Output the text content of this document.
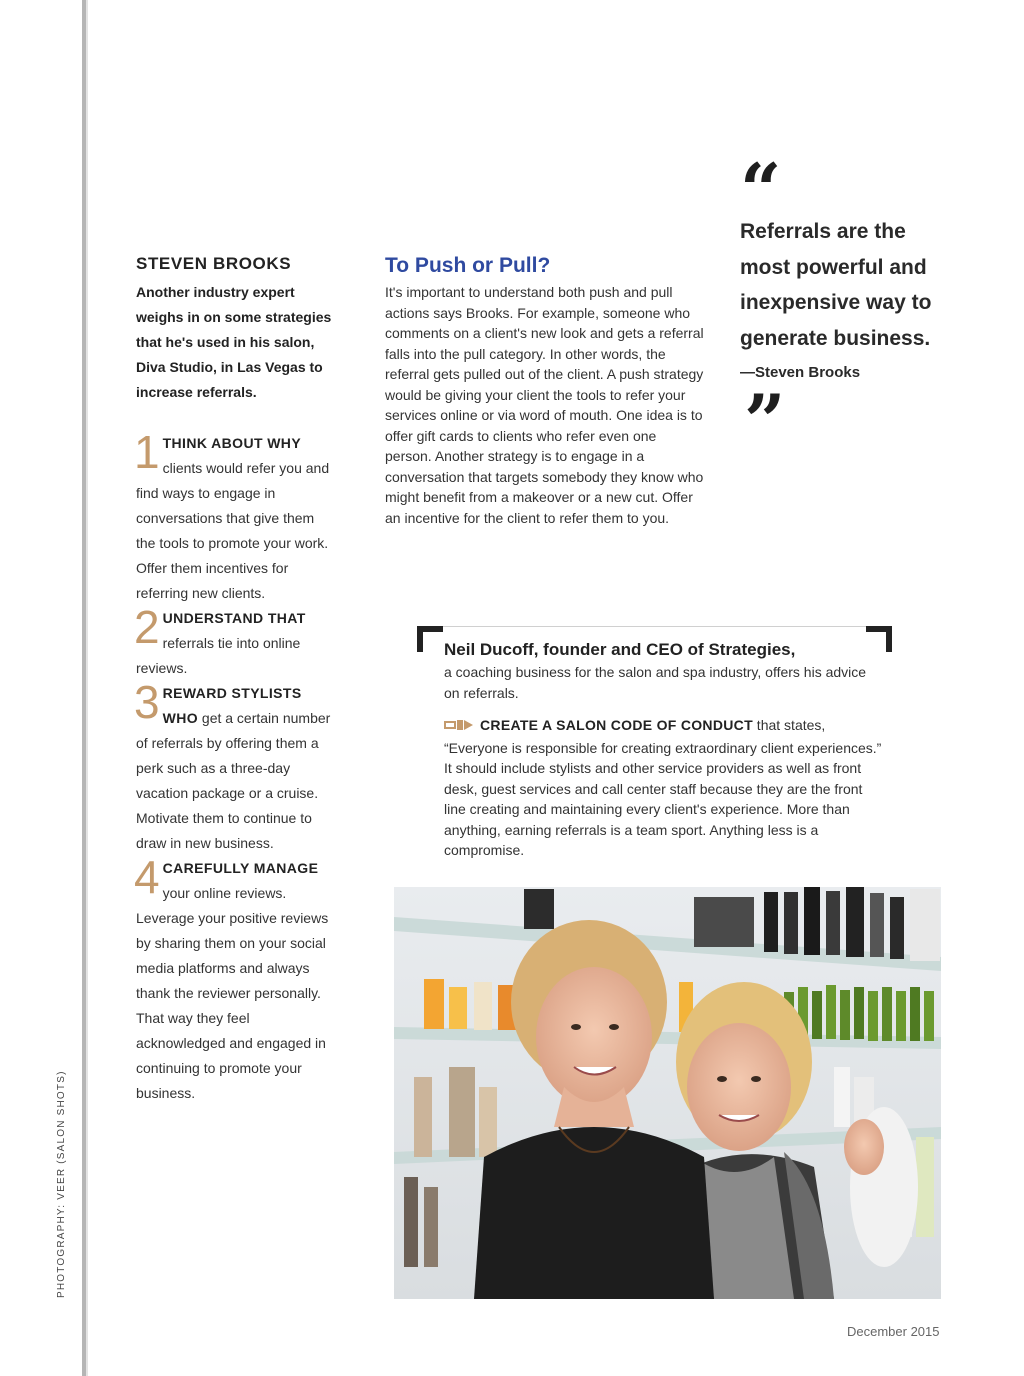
PHOTOGRAPHY: VEER (SALON SHOTS)
STEVEN BROOKS

Another industry expert weighs in on some strategies that he's used in his salon, Diva Studio, in Las Vegas to increase referrals.

1 THINK ABOUT WHY clients would refer you and find ways to engage in conversations that give them the tools to promote your work. Offer them incentives for referring new clients.

2 UNDERSTAND THAT referrals tie into online reviews.

3 REWARD STYLISTS WHO get a certain number of referrals by offering them a perk such as a three-day vacation package or a cruise. Motivate them to continue to draw in new business.

4 CAREFULLY MANAGE your online reviews. Leverage your positive reviews by sharing them on your social media platforms and always thank the reviewer personally. That way they feel acknowledged and engaged in continuing to promote your business.

To Push or Pull?

It's important to understand both push and pull actions says Brooks. For example, someone who comments on a client's new look and gets a referral falls into the pull category. In other words, the referral gets pulled out of the client. A push strategy would be giving your client the tools to refer your services online or via word of mouth. One idea is to offer gift cards to clients who refer even one person. Another strategy is to engage in a conversation that targets somebody they know who might benefit from a makeover or a new cut. Offer an incentive for the client to refer them to you.

“
Referrals are the most powerful and inexpensive way to generate business.
—Steven Brooks
”

Neil Ducoff, founder and CEO of Strategies,

a coaching business for the salon and spa industry, offers his advice on referrals.

CREATE A SALON CODE OF CONDUCT that states, “Everyone is responsible for creating extraordinary client experiences.” It should include stylists and other service providers as well as front desk, guest services and call center staff because they are the front line creating and maintaining every client's experience. More than anything, earning referrals is a team sport. Anything less is a compromise.

December 2015
